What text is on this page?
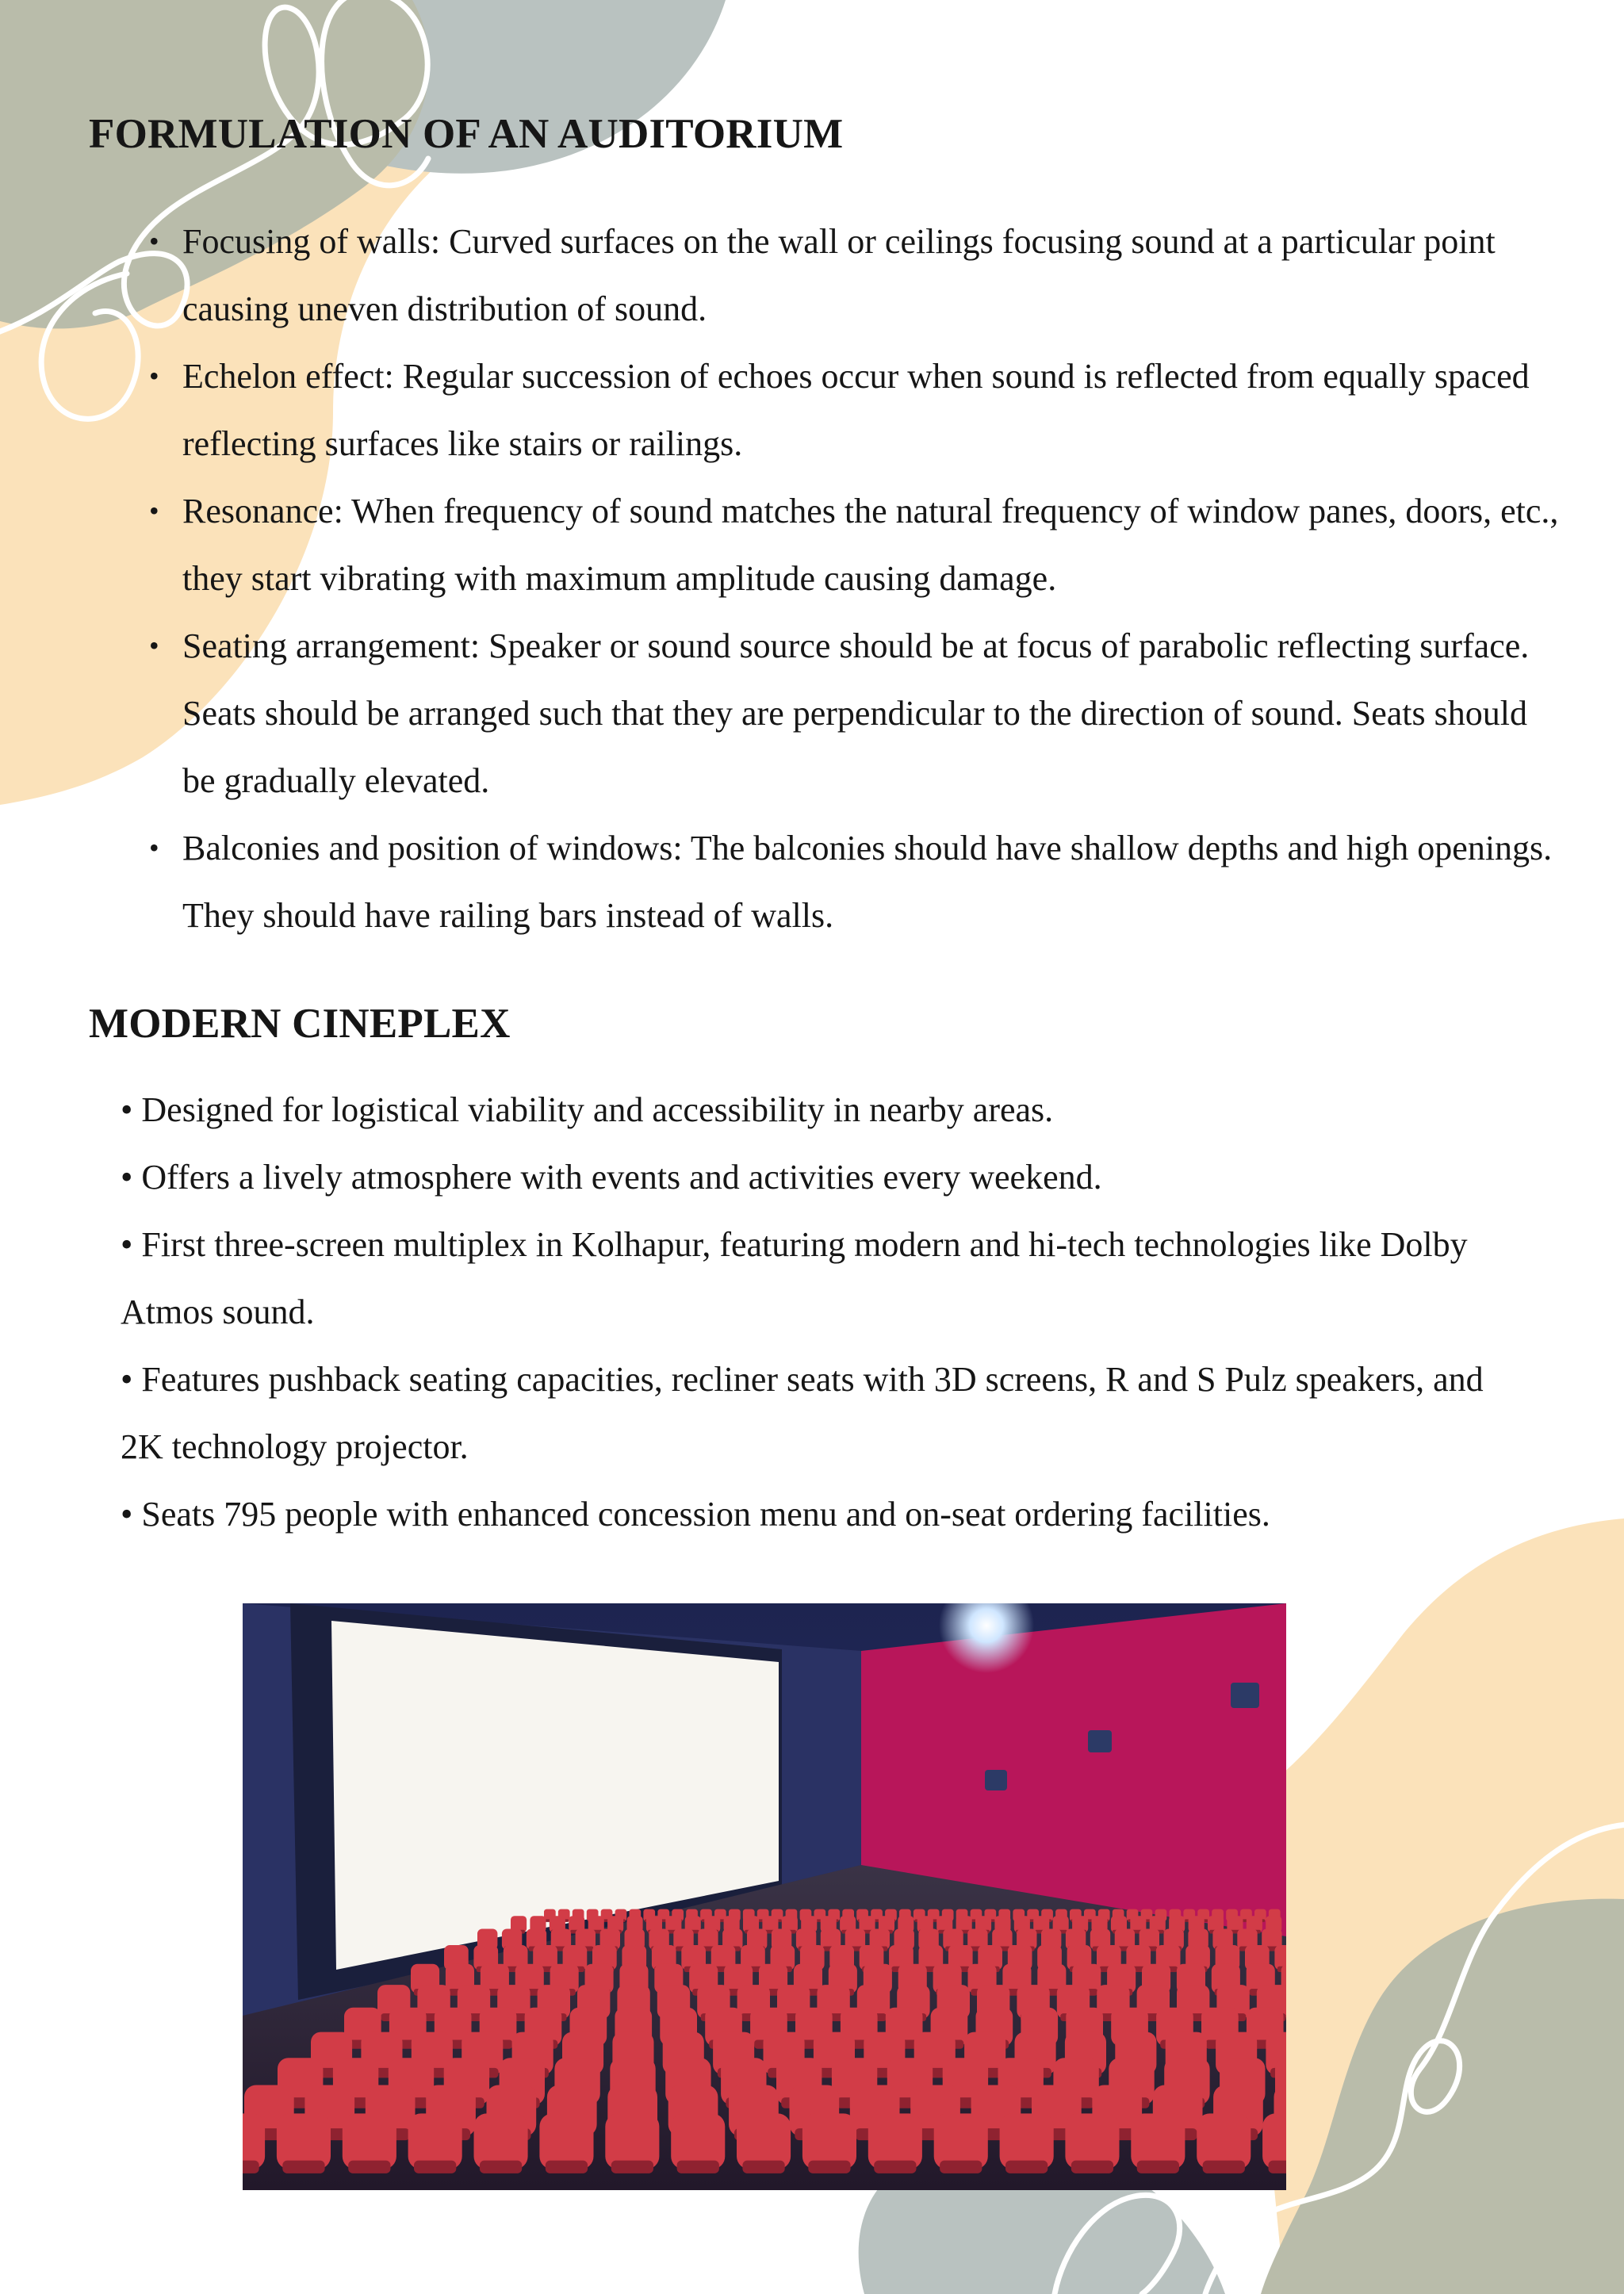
FORMULATION OF AN AUDITORIUM
• Focusing of walls: Curved surfaces on the wall or ceilings focusing sound at a particular point causing uneven distribution of sound.
• Echelon effect: Regular succession of echoes occur when sound is reflected from equally spaced reflecting surfaces like stairs or railings.
• Resonance: When frequency of sound matches the natural frequency of window panes, doors, etc., they start vibrating with maximum amplitude causing damage.
• Seating arrangement: Speaker or sound source should be at focus of parabolic reflecting surface. Seats should be arranged such that they are perpendicular to the direction of sound. Seats should be gradually elevated.
• Balconies and position of windows: The balconies should have shallow depths and high openings. They should have railing bars instead of walls.
MODERN CINEPLEX

• Designed for logistical viability and accessibility in nearby areas.

• Offers a lively atmosphere with events and activities every weekend.

• First three-screen multiplex in Kolhapur, featuring modern and hi-tech technologies like Dolby Atmos sound.

• Features pushback seating capacities, recliner seats with 3D screens, R and S Pulz speakers, and 2K technology projector.

• Seats 795 people with enhanced concession menu and on-seat ordering facilities.
